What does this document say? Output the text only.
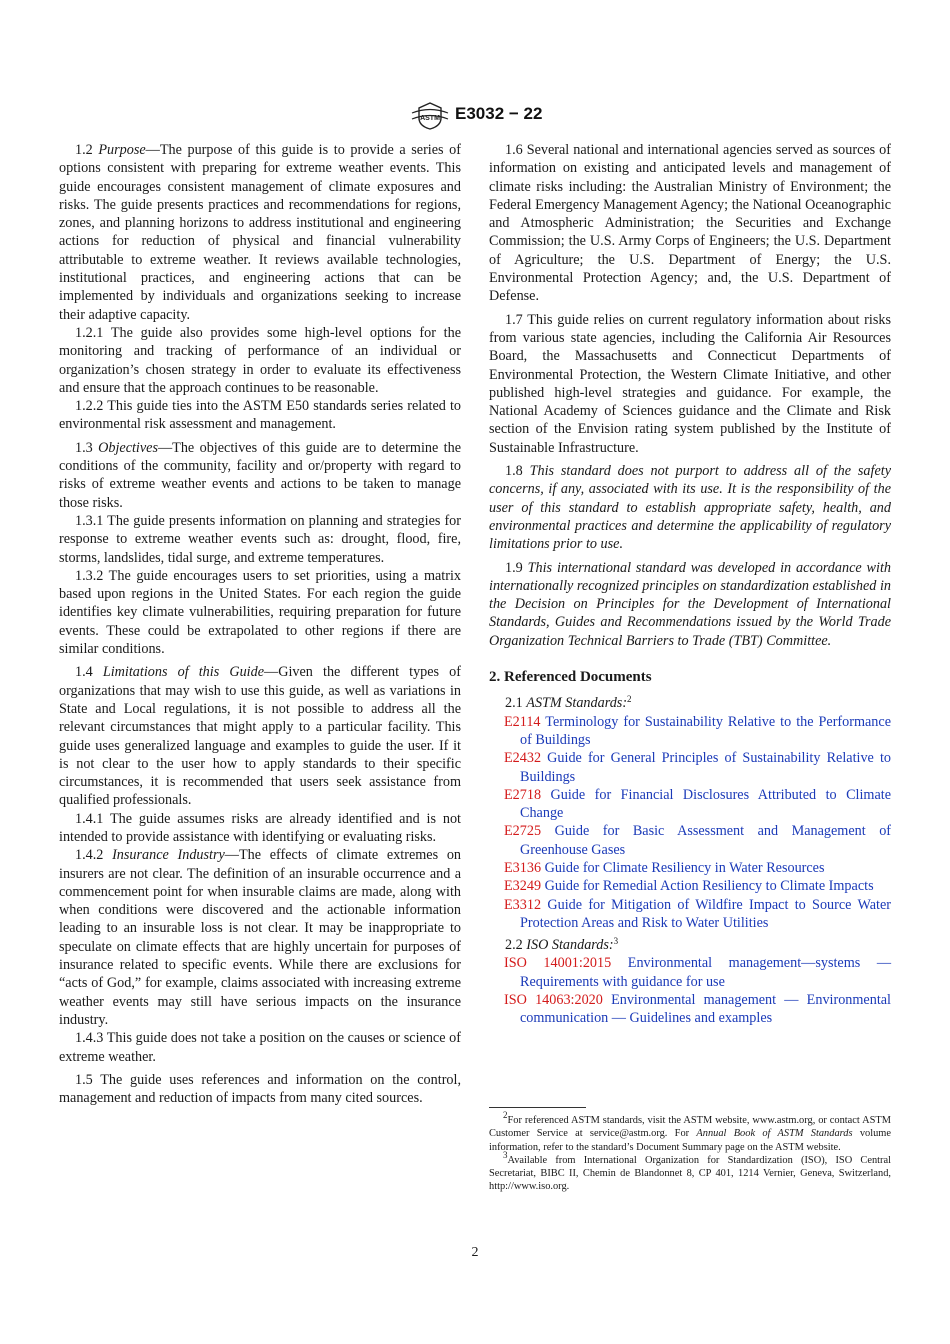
ASTM E3032 − 22

1.2 Purpose—The purpose of this guide is to provide a series of options consistent with preparing for extreme weather events. This guide encourages consistent management of climate exposures and risks. The guide presents practices and recommendations for regions, zones, and planning horizons to address institutional and engineering actions for reduction of physical and financial vulnerability attributable to extreme weather. It reviews available technologies, institutional practices, and engineering actions that can be implemented by individuals and organizations seeking to increase their adaptive capacity.

1.2.1 The guide also provides some high-level options for the monitoring and tracking of performance of an individual or organization’s chosen strategy in order to evaluate its effectiveness and ensure that the approach continues to be reasonable.

1.2.2 This guide ties into the ASTM E50 standards series related to environmental risk assessment and management.

1.3 Objectives—The objectives of this guide are to determine the conditions of the community, facility and or/property with regard to risks of extreme weather events and actions to be taken to manage those risks.

1.3.1 The guide presents information on planning and strategies for response to extreme weather events such as: drought, flood, fire, storms, landslides, tidal surge, and extreme temperatures.

1.3.2 The guide encourages users to set priorities, using a matrix based upon regions in the United States. For each region the guide identifies key climate vulnerabilities, requiring preparation for future events. These could be extrapolated to other regions if there are similar conditions.

1.4 Limitations of this Guide—Given the different types of organizations that may wish to use this guide, as well as variations in State and Local regulations, it is not possible to address all the relevant circumstances that might apply to a particular facility. This guide uses generalized language and examples to guide the user. If it is not clear to the user how to apply standards to their specific circumstances, it is recommended that users seek assistance from qualified professionals.

1.4.1 The guide assumes risks are already identified and is not intended to provide assistance with identifying or evaluating risks.

1.4.2 Insurance Industry—The effects of climate extremes on insurers are not clear. The definition of an insurable occurrence and a commencement point for when insurable claims are made, along with when conditions were discovered and the actionable information leading to an insurable loss is not clear. It may be inappropriate to speculate on climate effects that are highly uncertain for purposes of insurance related to specific events. While there are exclusions for “acts of God,” for example, claims associated with increasing extreme weather events may still have serious impacts on the insurance industry.

1.4.3 This guide does not take a position on the causes or science of extreme weather.

1.5 The guide uses references and information on the control, management and reduction of impacts from many cited sources.

1.6 Several national and international agencies served as sources of information on existing and anticipated levels and management of climate risks including: the Australian Ministry of Environment; the Federal Emergency Management Agency; the National Oceanographic and Atmospheric Administration; the Securities and Exchange Commission; the U.S. Army Corps of Engineers; the U.S. Department of Agriculture; the U.S. Department of Energy; the U.S. Environmental Protection Agency; and, the U.S. Department of Defense.

1.7 This guide relies on current regulatory information about risks from various state agencies, including the California Air Resources Board, the Massachusetts and Connecticut Departments of Environmental Protection, the Western Climate Initiative, and other published high-level strategies and guidance. For example, the National Academy of Sciences guidance and the Climate and Risk section of the Envision rating system published by the Institute of Sustainable Infrastructure.

1.8 This standard does not purport to address all of the safety concerns, if any, associated with its use. It is the responsibility of the user of this standard to establish appropriate safety, health, and environmental practices and determine the applicability of regulatory limitations prior to use.

1.9 This international standard was developed in accordance with internationally recognized principles on standardization established in the Decision on Principles for the Development of International Standards, Guides and Recommendations issued by the World Trade Organization Technical Barriers to Trade (TBT) Committee.

2. Referenced Documents

2.1 ASTM Standards:$^2$

E2114 Terminology for Sustainability Relative to the Performance of Buildings

E2432 Guide for General Principles of Sustainability Relative to Buildings

E2718 Guide for Financial Disclosures Attributed to Climate Change

E2725 Guide for Basic Assessment and Management of Greenhouse Gases

E3136 Guide for Climate Resiliency in Water Resources

E3249 Guide for Remedial Action Resiliency to Climate Impacts

E3312 Guide for Mitigation of Wildfire Impact to Source Water Protection Areas and Risk to Water Utilities

2.2 ISO Standards:$^3$

ISO 14001:2015 Environmental management—systems — Requirements with guidance for use

ISO 14063:2020 Environmental management — Environmental communication — Guidelines and examples

$^2$For referenced ASTM standards, visit the ASTM website, www.astm.org, or contact ASTM Customer Service at service@astm.org. For Annual Book of ASTM Standards volume information, refer to the standard’s Document Summary page on the ASTM website.

$^3$Available from International Organization for Standardization (ISO), ISO Central Secretariat, BIBC II, Chemin de Blandonnet 8, CP 401, 1214 Vernier, Geneva, Switzerland, http://www.iso.org.

2
